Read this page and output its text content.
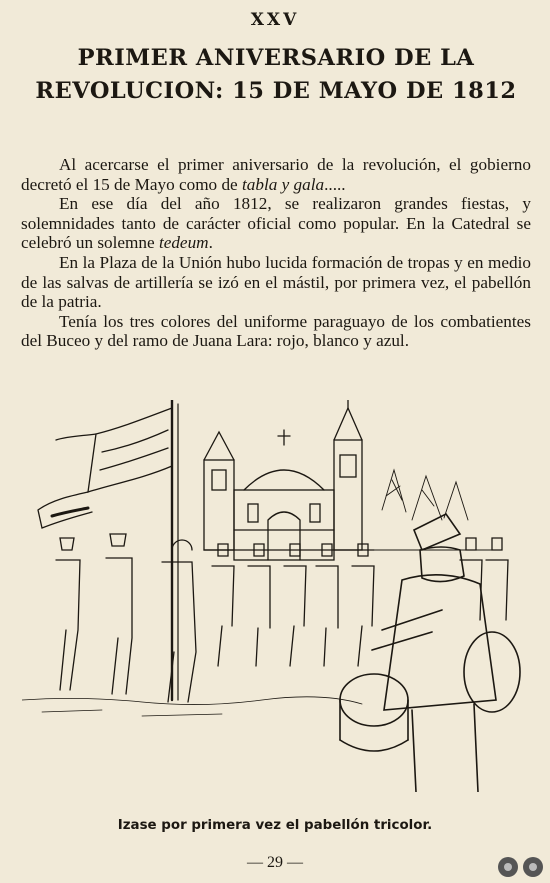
XXV
PRIMER ANIVERSARIO DE LA
REVOLUCION: 15 DE MAYO DE 1812

Al acercarse el primer aniversario de la revolución, el gobierno decretó el 15 de Mayo como de tabla y gala.....

En ese día del año 1812, se realizaron grandes fiestas, y solemnidades tanto de carácter oficial como popular. En la Catedral se celebró un solemne tedeum.

En la Plaza de la Unión hubo lucida formación de tropas y en medio de las salvas de artillería se izó en el mástil, por primera vez, el pabellón de la patria.

Tenía los tres colores del uniforme paraguayo de los combatientes del Buceo y del ramo de Juana Lara: rojo, blanco y azul.

Izase por primera vez el pabellón tricolor.
— 29 —
